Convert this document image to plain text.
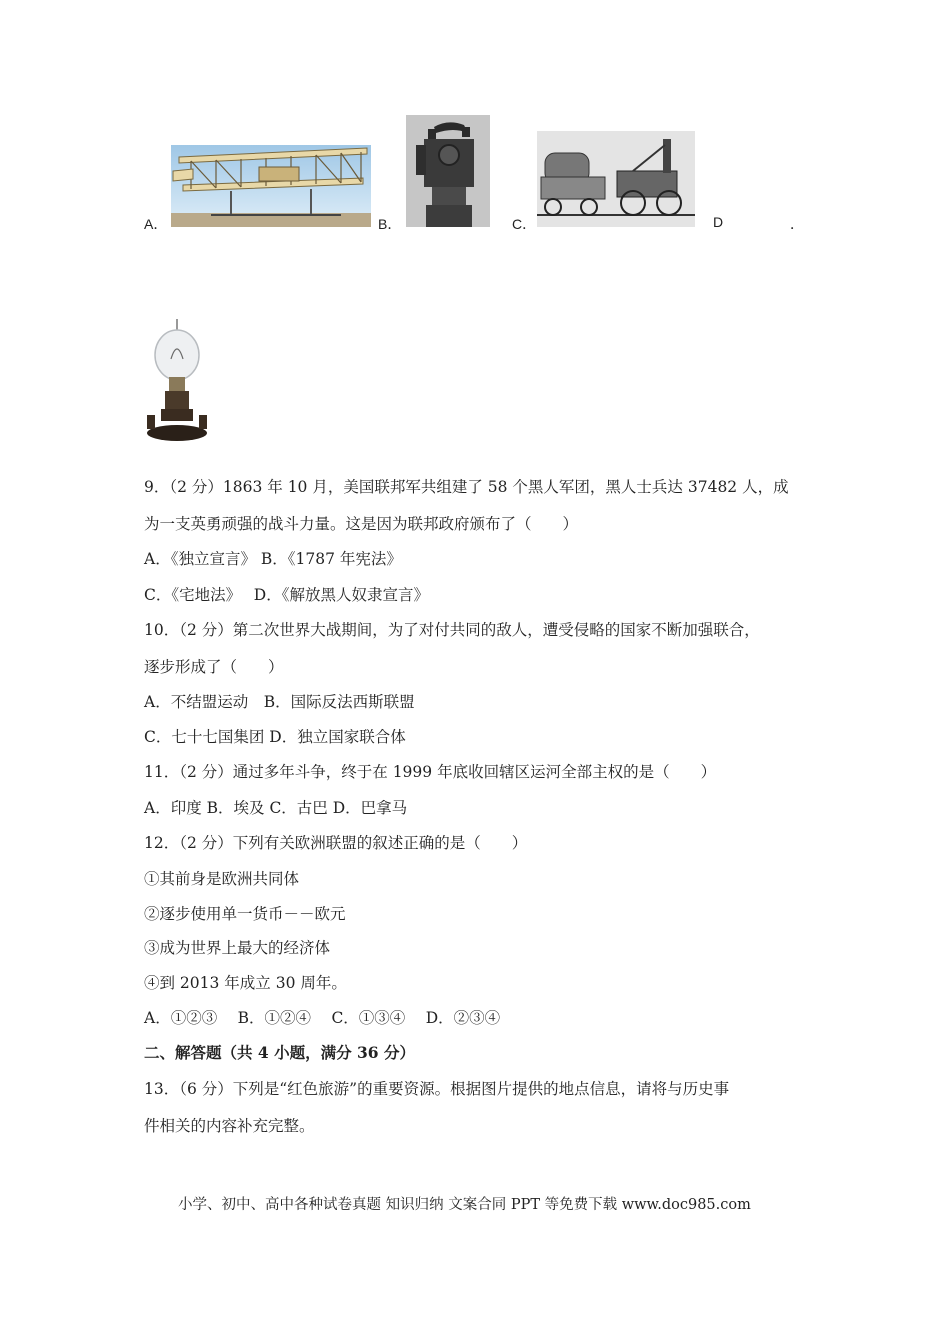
A．	B．	C．	D	．
9．（2 分）1863 年 10 月，美国联邦军共组建了 58 个黑人军团，黑人士兵达 37482 人，成
为一支英勇顽强的战斗力量。这是因为联邦政府颁布了（　　）
A．《独立宣言》 B．《1787 年宪法》
C．《宅地法》　 D．《解放黑人奴隶宣言》
10．（2 分）第二次世界大战期间，为了对付共同的敌人，遭受侵略的国家不断加强联合，
逐步形成了（　　）
A．不结盟运动　B．国际反法西斯联盟
C．七十七国集团 D．独立国家联合体
11．（2 分）通过多年斗争，终于在 1999 年底收回辖区运河全部主权的是（　　）
A．印度 B．埃及 C．古巴 D．巴拿马
12．（2 分）下列有关欧洲联盟的叙述正确的是（　　）
①其前身是欧洲共同体
②逐步使用单一货币－－欧元
③成为世界上最大的经济体
④到 2013 年成立 30 周年。
A．①②③　 B．①②④　 C．①③④　 D．②③④
二、解答题（共 4 小题，满分 36 分）
13．（6 分）下列是“红色旅游”的重要资源。根据图片提供的地点信息，请将与历史事
件相关的内容补充完整。
小学、初中、高中各种试卷真题 知识归纳 文案合同 PPT 等免费下载 www.doc985.com
